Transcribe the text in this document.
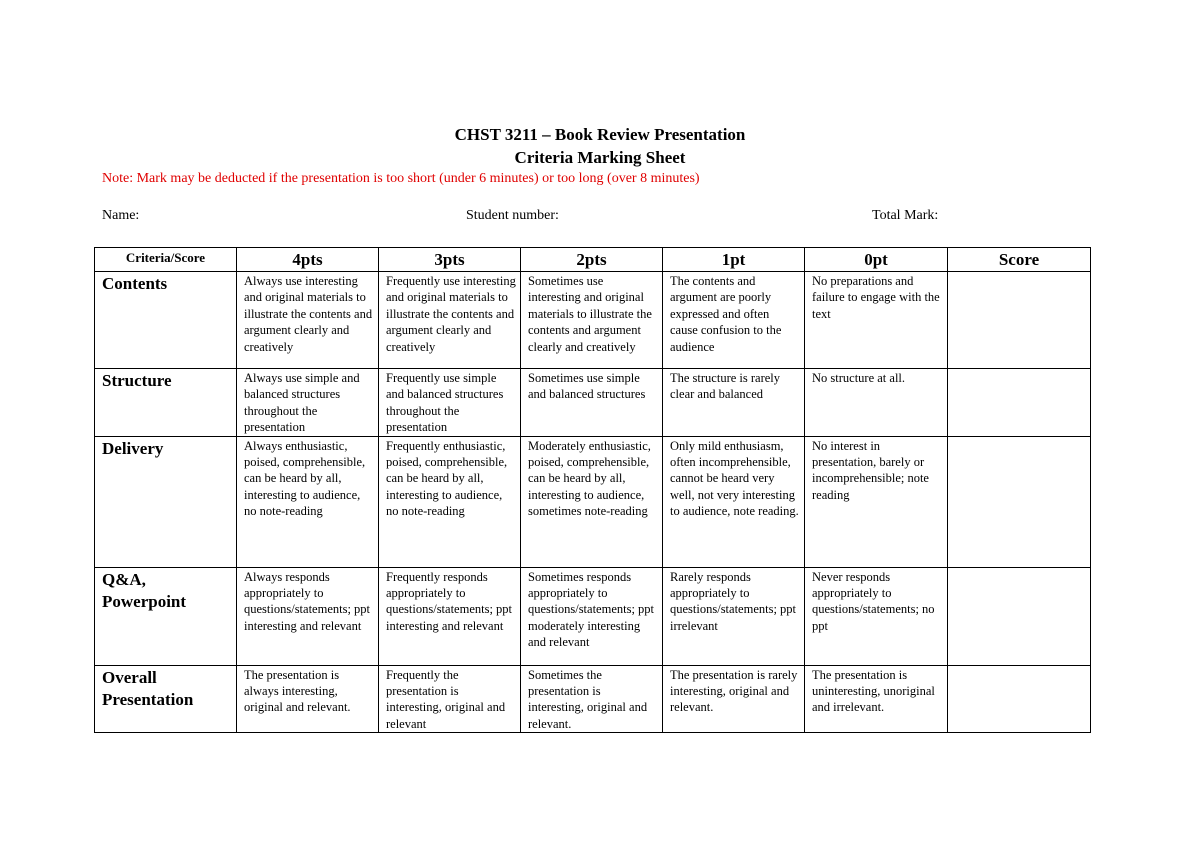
CHST 3211 – Book Review Presentation
Criteria Marking Sheet
Note: Mark may be deducted if the presentation is too short (under 6 minutes) or too long (over 8 minutes)
Name:	Student number:	Total Mark:
Criteria/Score	4pts	3pts	2pts	1pt	0pt	Score
Contents	Always use interesting and original materials to illustrate the contents and argument clearly and creatively	Frequently use interesting and original materials to illustrate the contents and argument clearly and creatively	Sometimes use interesting and original materials to illustrate the contents and argument clearly and creatively	The contents and argument are poorly expressed and often cause confusion to the audience	No preparations and failure to engage with the text	
Structure	Always use simple and balanced structures throughout the presentation	Frequently use simple and balanced structures throughout the presentation	Sometimes use simple and balanced structures	The structure is rarely clear and balanced	No structure at all.	
Delivery	Always enthusiastic, poised, comprehensible, can be heard by all, interesting to audience, no note-reading	Frequently enthusiastic, poised, comprehensible, can be heard by all, interesting to audience, no note-reading	Moderately enthusiastic, poised, comprehensible, can be heard by all, interesting to audience, sometimes note-reading	Only mild enthusiasm, often incomprehensible, cannot be heard very well, not very interesting to audience, note reading.	No interest in presentation, barely or incomprehensible; note reading	
Q&A, Powerpoint	Always responds appropriately to questions/statements; ppt interesting and relevant	Frequently responds appropriately to questions/statements; ppt interesting and relevant	Sometimes responds appropriately to questions/statements; ppt moderately interesting and relevant	Rarely responds appropriately to questions/statements; ppt irrelevant	Never responds appropriately to questions/statements; no ppt	
Overall Presentation	The presentation is always interesting, original and relevant.	Frequently the presentation is interesting, original and relevant	Sometimes the presentation is interesting, original and relevant.	The presentation is rarely interesting, original and relevant.	The presentation is uninteresting, unoriginal and irrelevant.	
